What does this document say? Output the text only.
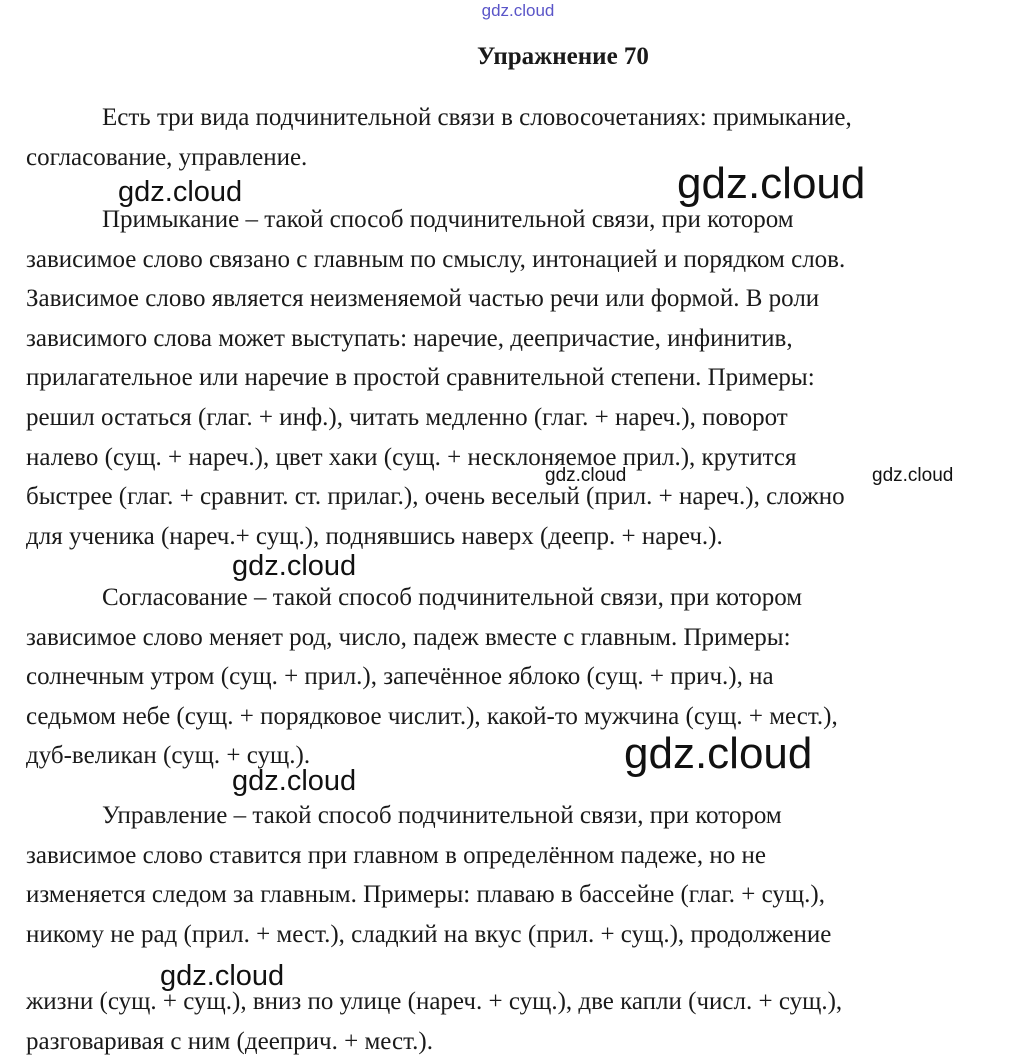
gdz.cloud
Упражнение 70

Есть три вида подчинительной связи в словосочетаниях: примыкание,
согласование, управление.

Примыкание – такой способ подчинительной связи, при котором
зависимое слово связано с главным по смыслу, интонацией и порядком слов.
Зависимое слово является неизменяемой частью речи или формой. В роли
зависимого слова может выступать: наречие, деепричастие, инфинитив,
прилагательное или наречие в простой сравнительной степени. Примеры:
решил остаться (глаг. + инф.), читать медленно (глаг. + нареч.), поворот
налево (сущ. + нареч.), цвет хаки (сущ. + несклоняемое прил.), крутится
быстрее (глаг. + сравнит. ст. прилаг.), очень веселый (прил. + нареч.), сложно
для ученика (нареч.+ сущ.), поднявшись наверх (деепр. + нареч.).

Согласование – такой способ подчинительной связи, при котором
зависимое слово меняет род, число, падеж вместе с главным. Примеры:
солнечным утром (сущ. + прил.), запечённое яблоко (сущ. + прич.), на
седьмом небе (сущ. + порядковое числит.), какой-то мужчина (сущ. + мест.),
дуб-великан (сущ. + сущ.).

Управление – такой способ подчинительной связи, при котором
зависимое слово ставится при главном в определённом падеже, но не
изменяется следом за главным. Примеры: плаваю в бассейне (глаг. + сущ.),
никому не рад (прил. + мест.), сладкий на вкус (прил. + сущ.), продолжение

жизни (сущ. + сущ.), вниз по улице (нареч. + сущ.), две капли (числ. + сущ.),
разговаривая с ним (дееприч. + мест.).

gdz.cloud	gdz.cloud
gdz.cloud	gdz.cloud
gdz.cloud
gdz.cloud
gdz.cloud
gdz.cloud
